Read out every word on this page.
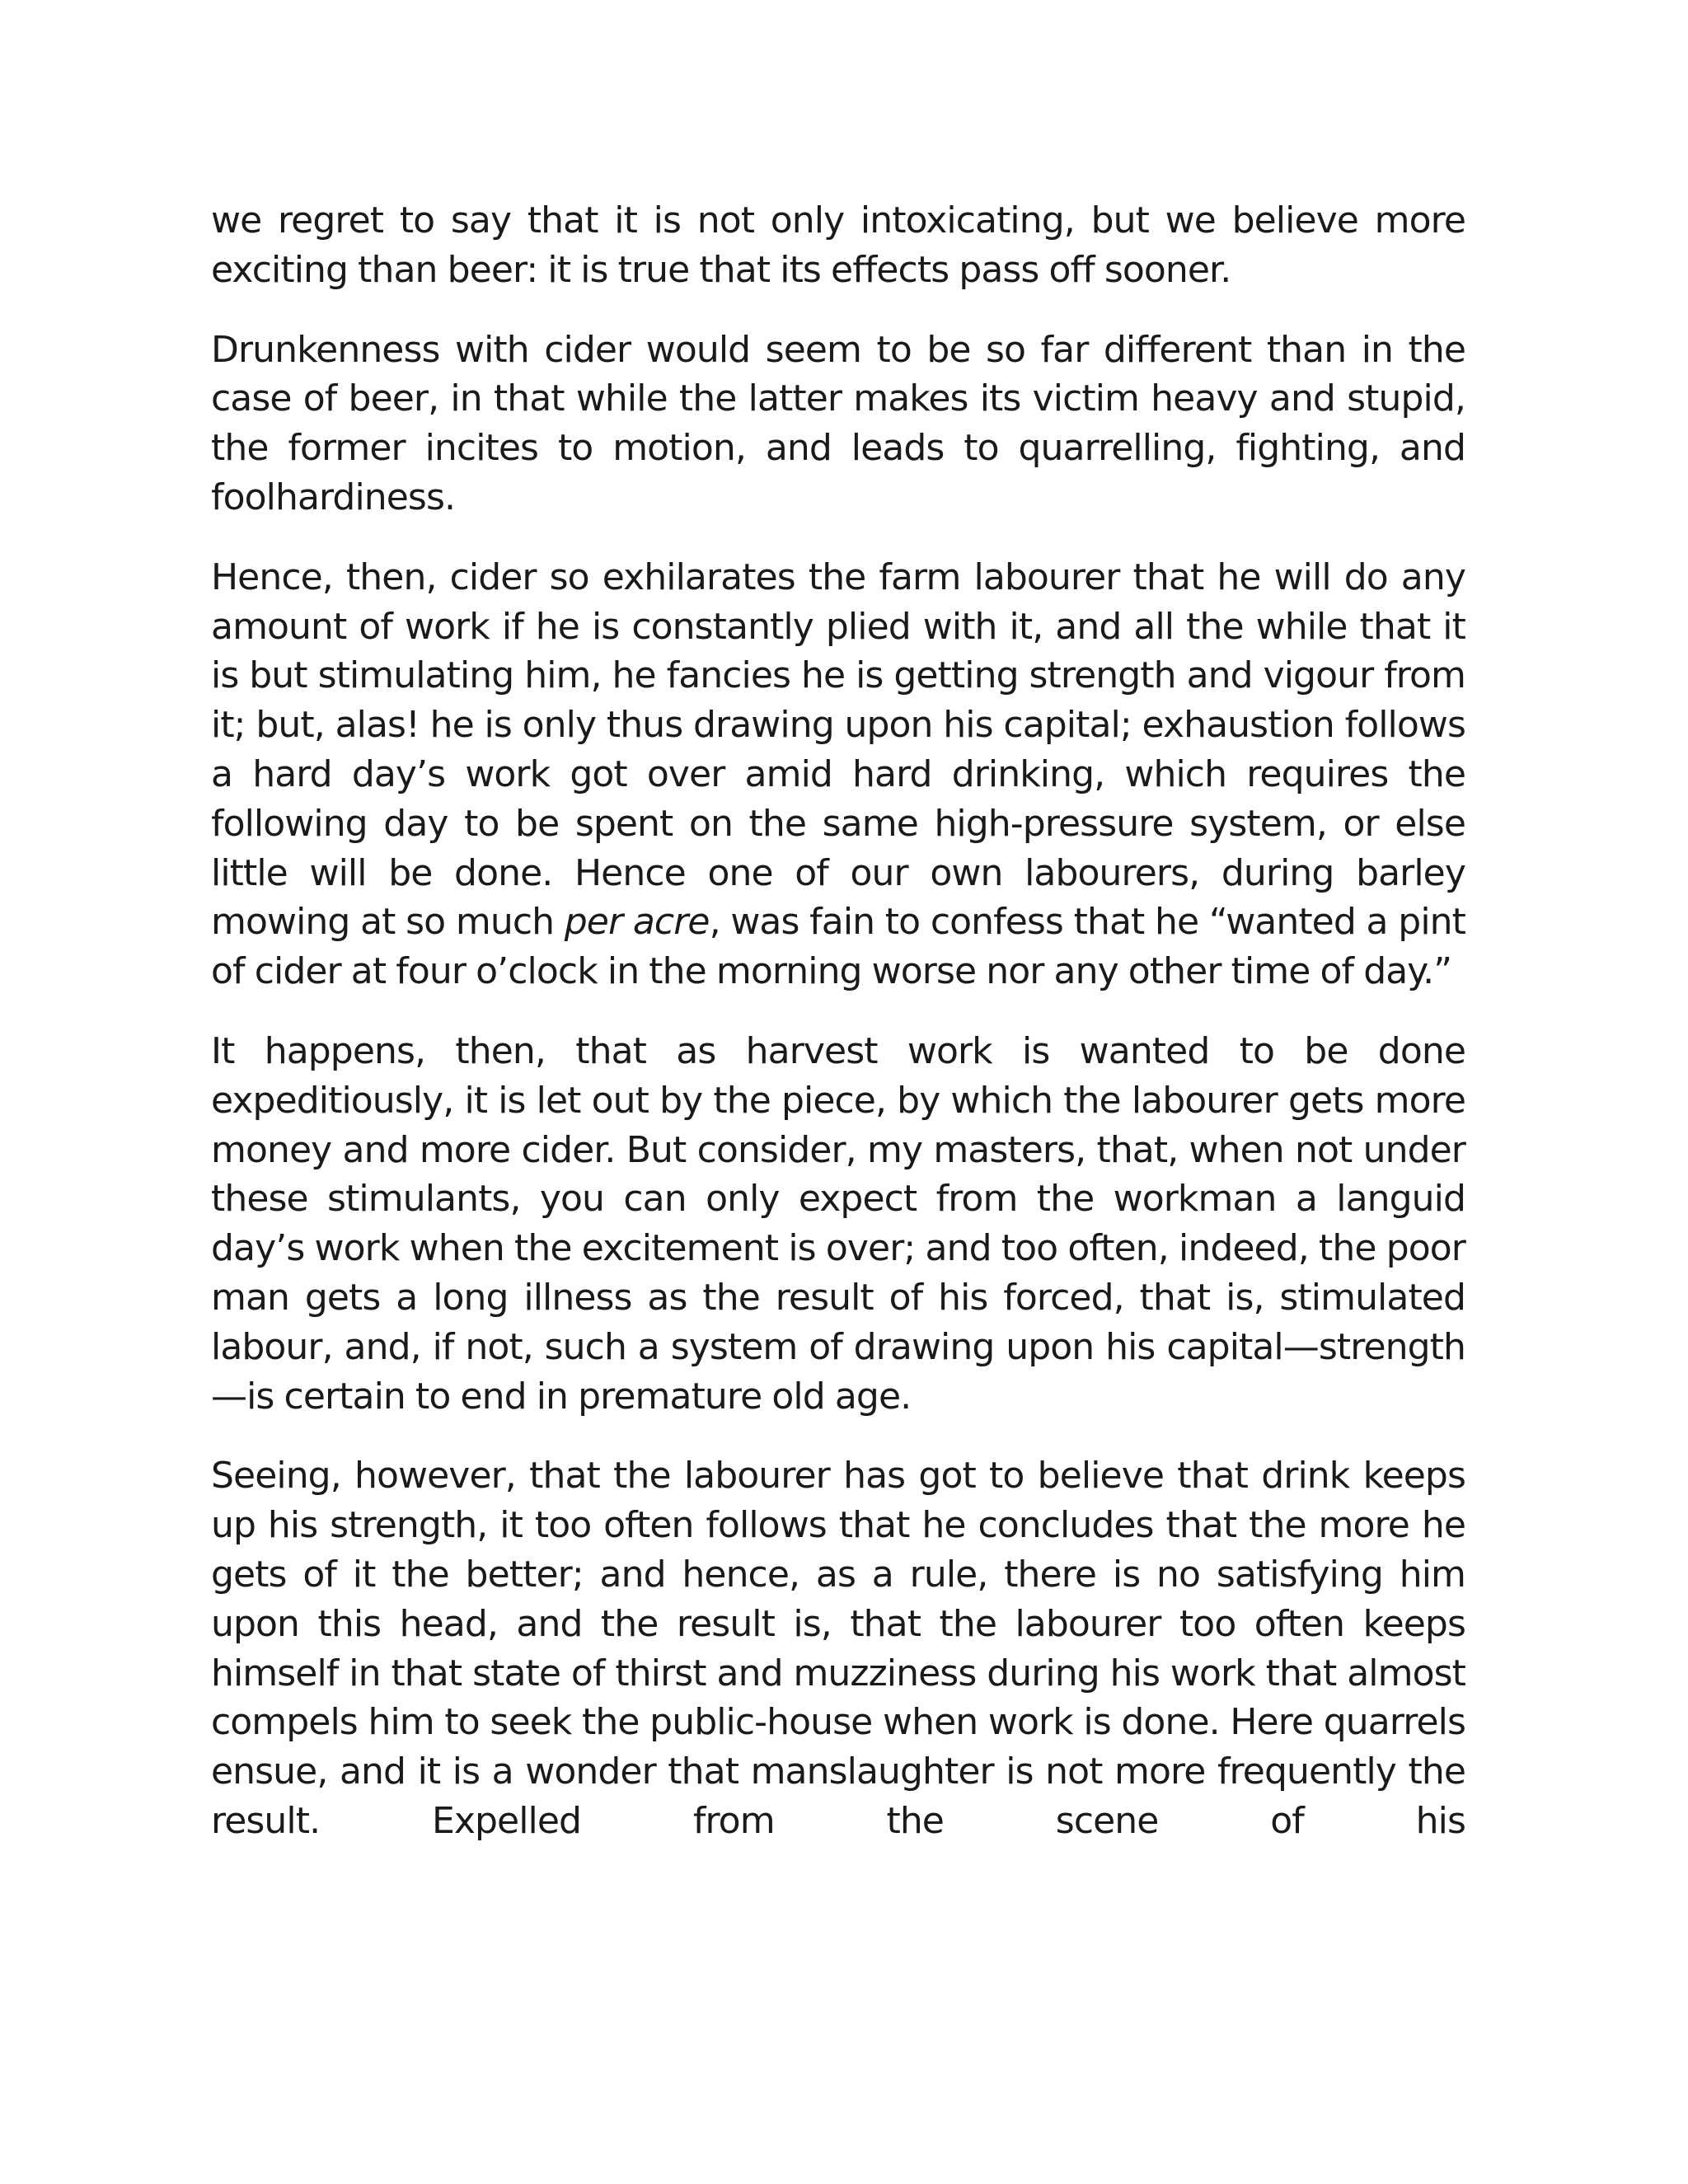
we regret to say that it is not only intoxicating, but we believe more exciting than beer: it is true that its effects pass off sooner.

Drunkenness with cider would seem to be so far different than in the case of beer, in that while the latter makes its victim heavy and stupid, the former incites to motion, and leads to quarrelling, fighting, and foolhardiness.

Hence, then, cider so exhilarates the farm labourer that he will do any amount of work if he is constantly plied with it, and all the while that it is but stimulating him, he fancies he is getting strength and vigour from it; but, alas! he is only thus drawing upon his capital; exhaustion follows a hard day’s work got over amid hard drinking, which requires the following day to be spent on the same high-pressure system, or else little will be done. Hence one of our own labourers, during barley mowing at so much per acre, was fain to confess that he “wanted a pint of cider at four o’clock in the morning worse nor any other time of day.”

It happens, then, that as harvest work is wanted to be done expeditiously, it is let out by the piece, by which the labourer gets more money and more cider. But consider, my masters, that, when not under these stimulants, you can only expect from the workman a languid day’s work when the excitement is over; and too often, indeed, the poor man gets a long illness as the result of his forced, that is, stimulated labour, and, if not, such a system of drawing upon his capital—strength—is certain to end in premature old age.

Seeing, however, that the labourer has got to believe that drink keeps up his strength, it too often follows that he concludes that the more he gets of it the better; and hence, as a rule, there is no satisfying him upon this head, and the result is, that the labourer too often keeps himself in that state of thirst and muzziness during his work that almost compels him to seek the public-house when work is done. Here quarrels ensue, and it is a wonder that manslaughter is not more frequently the result. Expelled from the scene of his
